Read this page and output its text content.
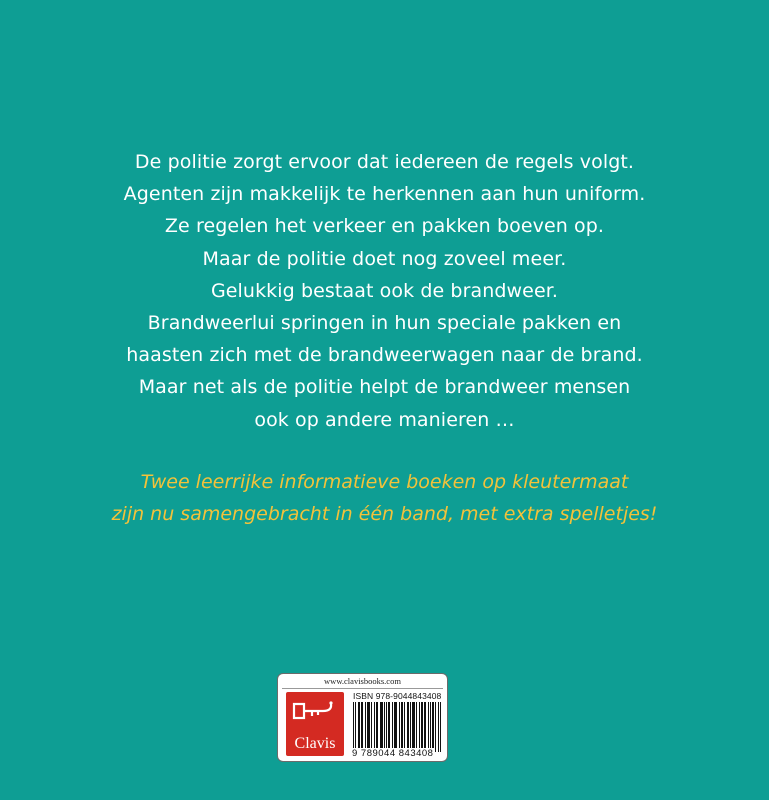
De politie zorgt ervoor dat iedereen de regels volgt.
Agenten zijn makkelijk te herkennen aan hun uniform.
Ze regelen het verkeer en pakken boeven op.
Maar de politie doet nog zoveel meer.
Gelukkig bestaat ook de brandweer.
Brandweerlui springen in hun speciale pakken en
haasten zich met de brandweerwagen naar de brand.
Maar net als de politie helpt de brandweer mensen
ook op andere manieren …
Twee leerrijke informatieve boeken op kleutermaat
zijn nu samengebracht in één band, met extra spelletjes!
www.clavisbooks.com
Clavis
ISBN 978-9044843408
9 789044 843408
